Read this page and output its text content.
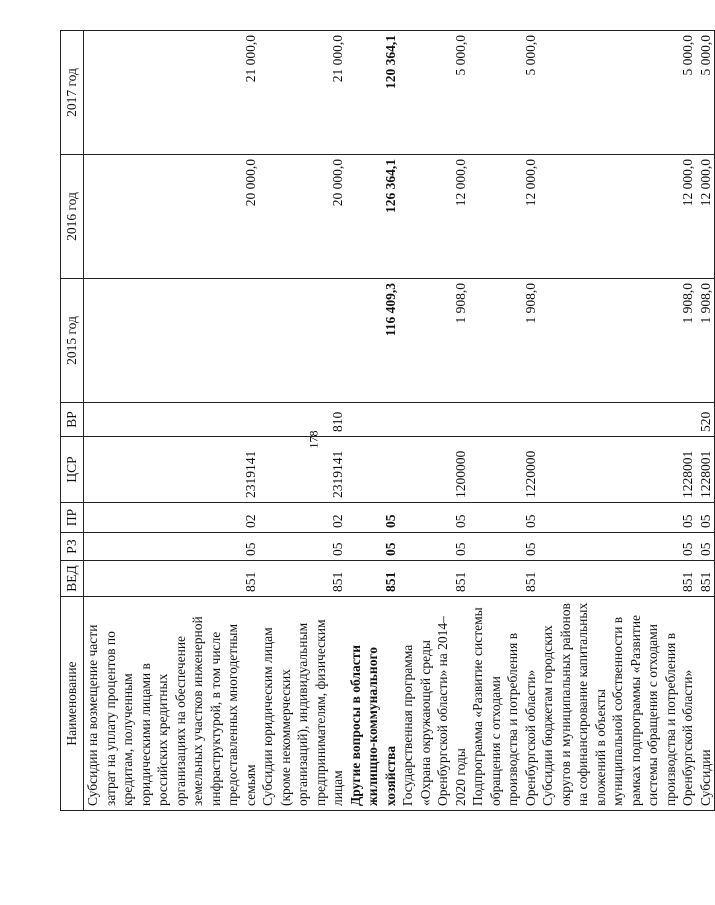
178
Наименование	ВЕД	РЗ	ПР	ЦСР	ВР	2015 год	2016 год	2017 год
Субсидии на возмещение части затрат на уплату процентов по кредитам, полученным юридическими лицами в российских кредитных организациях на обеспечение земельных участков инженерной инфраструктурой, в том числе предоставленных многодетным семьям	851	05	02	2319141			20 000,0	21 000,0
Субсидии юридическим лицам (кроме некоммерческих организаций), индивидуальным предпринимателям, физическим лицам	851	05	02	2319141	810		20 000,0	21 000,0
Другие вопросы в области жилищно-коммунального хозяйства	851	05	05			116 409,3	126 364,1	120 364,1
Государственная программа «Охрана окружающей среды Оренбургской области» на 2014–2020 годы	851	05	05	1200000		1 908,0	12 000,0	5 000,0
Подпрограмма «Развитие системы обращения с отходами производства и потребления в Оренбургской области»	851	05	05	1220000		1 908,0	12 000,0	5 000,0
Субсидии бюджетам городских округов и муниципальных районов на софинансирование капитальных вложений в объекты муниципальной собственности в рамках подпрограммы «Развитие системы обращения с отходами производства и потребления в Оренбургской области»	851	05	05	1228001		1 908,0	12 000,0	5 000,0
Субсидии	851	05	05	1228001	520	1 908,0	12 000,0	5 000,0
